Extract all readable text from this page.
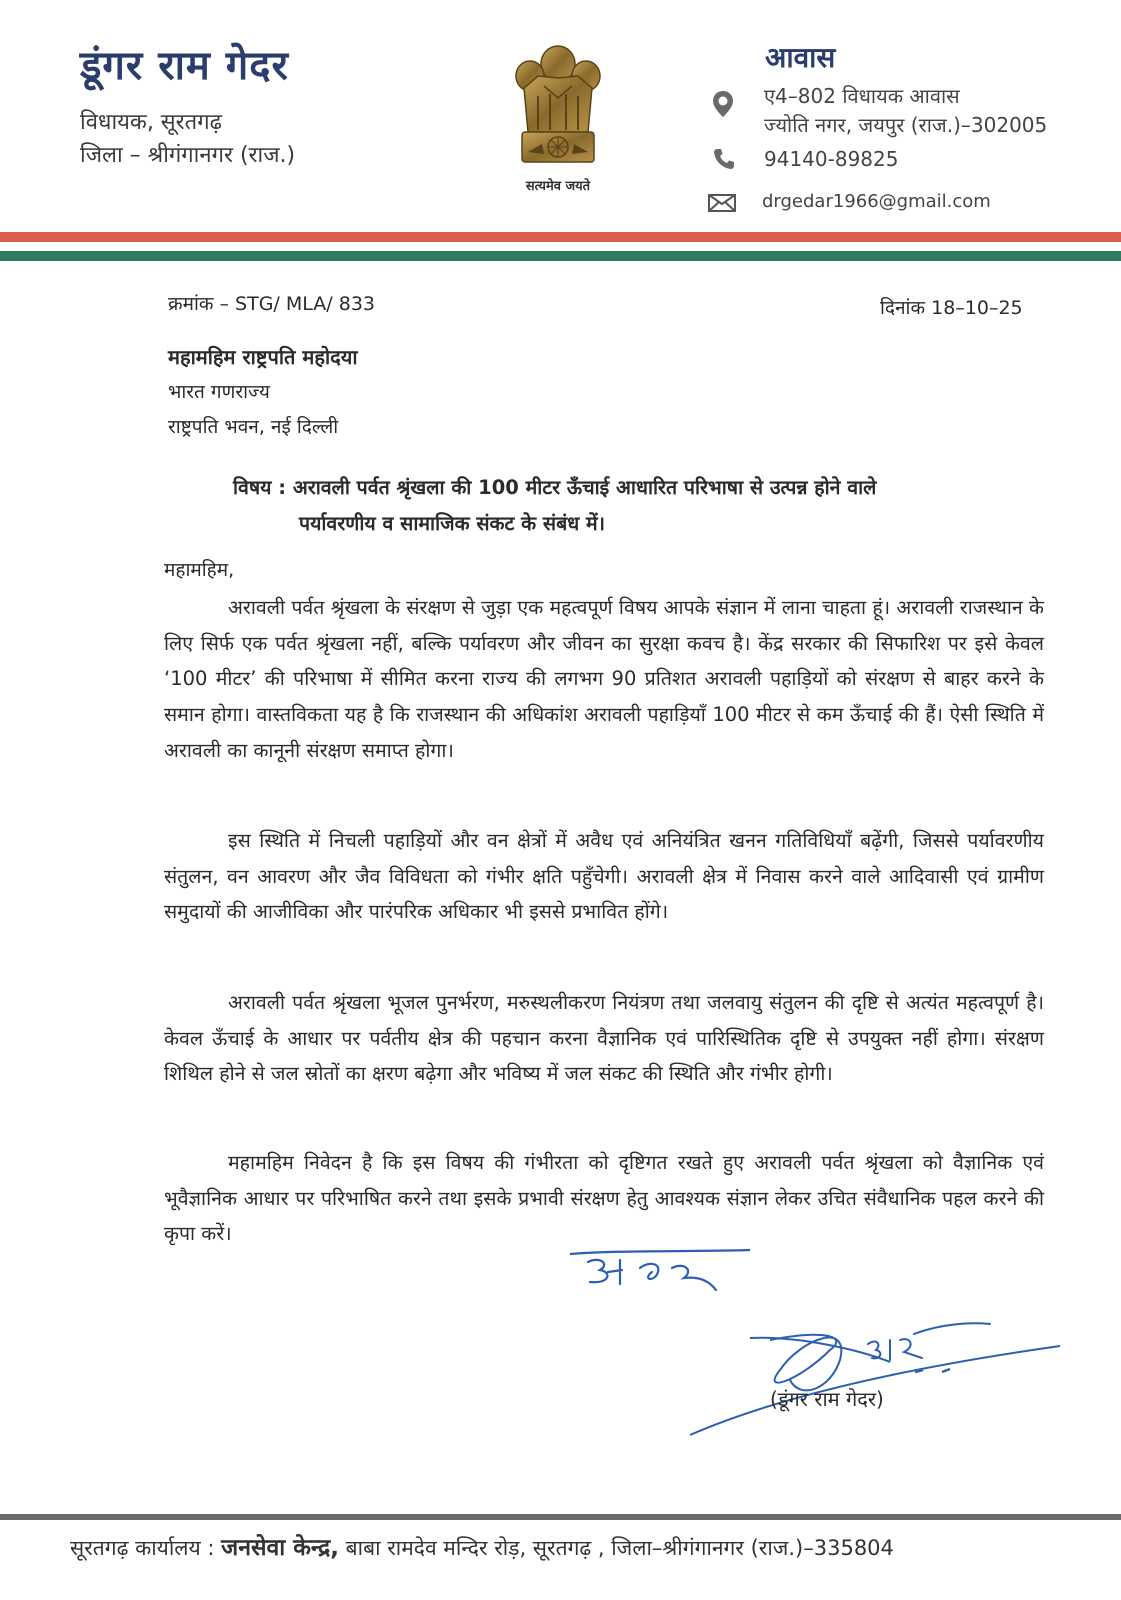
डूंगर राम गेदर
विधायक, सूरतगढ़
जिला – श्रीगंगानगर (राज.)
सत्यमेव जयते
आवास
ए4–802 विधायक आवास
ज्योति नगर, जयपुर (राज.)–302005
94140-89825
drgedar1966@gmail.com
क्रमांक – STG/ MLA/ 833	दिनांक 18–10–25
महामहिम राष्ट्रपति महोदया
भारत गणराज्य
राष्ट्रपति भवन, नई दिल्ली
विषय : अरावली पर्वत श्रृंखला की 100 मीटर ऊँचाई आधारित परिभाषा से उत्पन्न होने वाले
पर्यावरणीय व सामाजिक संकट के संबंध में।
महामहिम,
अरावली पर्वत श्रृंखला के संरक्षण से जुड़ा एक महत्वपूर्ण विषय आपके संज्ञान में लाना चाहता हूं। अरावली राजस्थान के लिए सिर्फ एक पर्वत श्रृंखला नहीं, बल्कि पर्यावरण और जीवन का सुरक्षा कवच है। केंद्र सरकार की सिफारिश पर इसे केवल ‘100 मीटर’ की परिभाषा में सीमित करना राज्य की लगभग 90 प्रतिशत अरावली पहाड़ियों को संरक्षण से बाहर करने के समान होगा। वास्तविकता यह है कि राजस्थान की अधिकांश अरावली पहाड़ियाँ 100 मीटर से कम ऊँचाई की हैं। ऐसी स्थिति में अरावली का कानूनी संरक्षण समाप्त होगा।
इस स्थिति में निचली पहाड़ियों और वन क्षेत्रों में अवैध एवं अनियंत्रित खनन गतिविधियाँ बढ़ेंगी, जिससे पर्यावरणीय संतुलन, वन आवरण और जैव विविधता को गंभीर क्षति पहुँचेगी। अरावली क्षेत्र में निवास करने वाले आदिवासी एवं ग्रामीण समुदायों की आजीविका और पारंपरिक अधिकार भी इससे प्रभावित होंगे।
अरावली पर्वत श्रृंखला भूजल पुनर्भरण, मरुस्थलीकरण नियंत्रण तथा जलवायु संतुलन की दृष्टि से अत्यंत महत्वपूर्ण है। केवल ऊँचाई के आधार पर पर्वतीय क्षेत्र की पहचान करना वैज्ञानिक एवं पारिस्थितिक दृष्टि से उपयुक्त नहीं होगा। संरक्षण शिथिल होने से जल स्रोतों का क्षरण बढ़ेगा और भविष्य में जल संकट की स्थिति और गंभीर होगी।
महामहिम निवेदन है कि इस विषय की गंभीरता को दृष्टिगत रखते हुए अरावली पर्वत श्रृंखला को वैज्ञानिक एवं भूवैज्ञानिक आधार पर परिभाषित करने तथा इसके प्रभावी संरक्षण हेतु आवश्यक संज्ञान लेकर उचित संवैधानिक पहल करने की कृपा करें।
(डूंगर राम गेदर)
सूरतगढ़ कार्यालय : जनसेवा केन्द्र, बाबा रामदेव मन्दिर रोड़, सूरतगढ़ , जिला–श्रीगंगानगर (राज.)–335804
